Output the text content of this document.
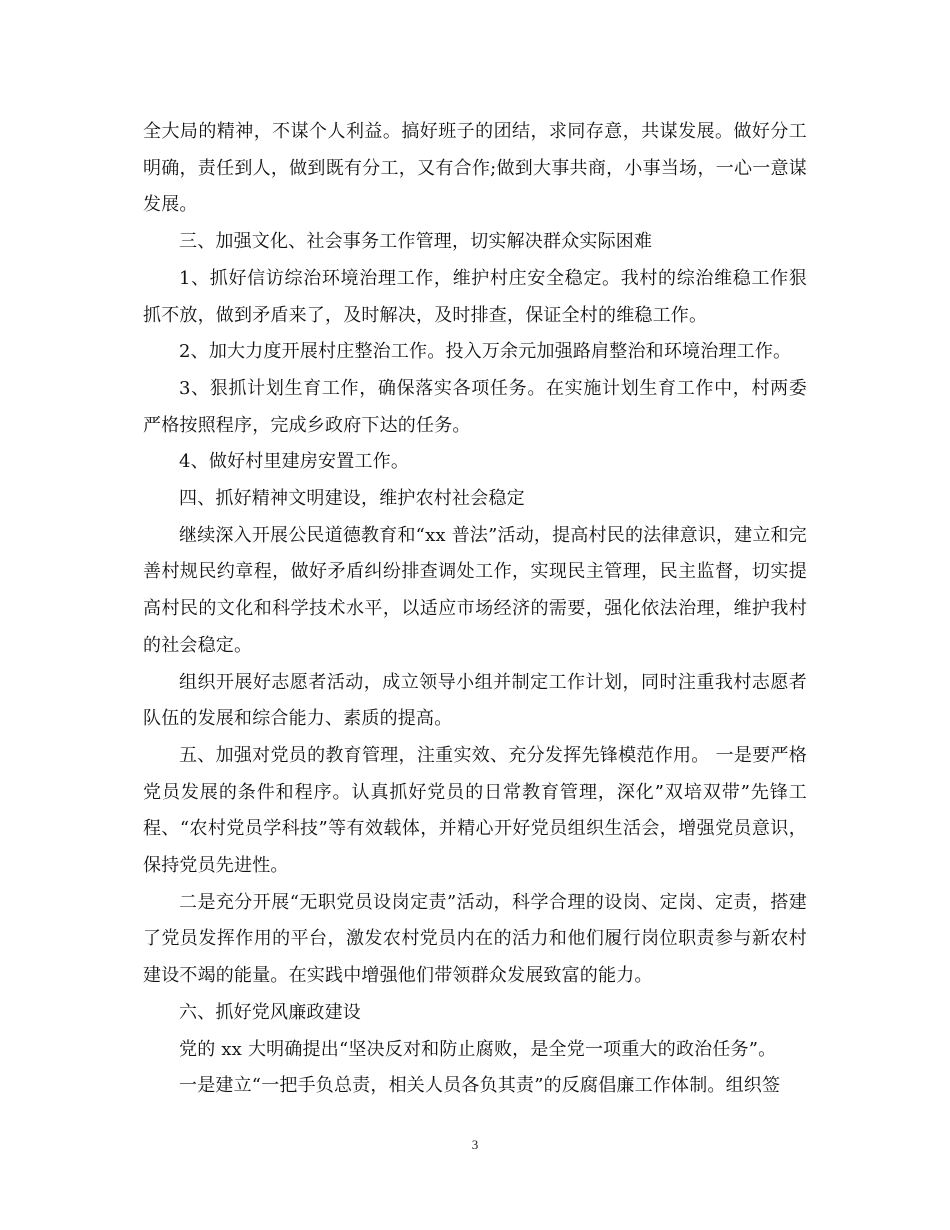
全大局的精神，不谋个人利益。搞好班子的团结，求同存意，共谋发展。做好分工明确，责任到人，做到既有分工，又有合作;做到大事共商，小事当场，一心一意谋发展。

三、加强文化、社会事务工作管理，切实解决群众实际困难

1、抓好信访综治环境治理工作，维护村庄安全稳定。我村的综治维稳工作狠抓不放，做到矛盾来了，及时解决，及时排查，保证全村的维稳工作。

2、加大力度开展村庄整治工作。投入万余元加强路肩整治和环境治理工作。

3、狠抓计划生育工作，确保落实各项任务。在实施计划生育工作中，村两委严格按照程序，完成乡政府下达的任务。

4、做好村里建房安置工作。

四、抓好精神文明建设，维护农村社会稳定

继续深入开展公民道德教育和“xx 普法”活动，提高村民的法律意识，建立和完善村规民约章程，做好矛盾纠纷排查调处工作，实现民主管理，民主监督，切实提高村民的文化和科学技术水平，以适应市场经济的需要，强化依法治理，维护我村的社会稳定。

组织开展好志愿者活动，成立领导小组并制定工作计划，同时注重我村志愿者队伍的发展和综合能力、素质的提高。

五、加强对党员的教育管理，注重实效、充分发挥先锋模范作用。 一是要严格党员发展的条件和程序。认真抓好党员的日常教育管理，深化”双培双带”先锋工程、“农村党员学科技”等有效载体，并精心开好党员组织生活会，增强党员意识，保持党员先进性。

二是充分开展“无职党员设岗定责”活动，科学合理的设岗、定岗、定责，搭建了党员发挥作用的平台，激发农村党员内在的活力和他们履行岗位职责参与新农村建设不竭的能量。在实践中增强他们带领群众发展致富的能力。

六、抓好党风廉政建设

党的 xx 大明确提出“坚决反对和防止腐败，是全党一项重大的政治任务”。

一是建立“一把手负总责，相关人员各负其责”的反腐倡廉工作体制。组织签

3
